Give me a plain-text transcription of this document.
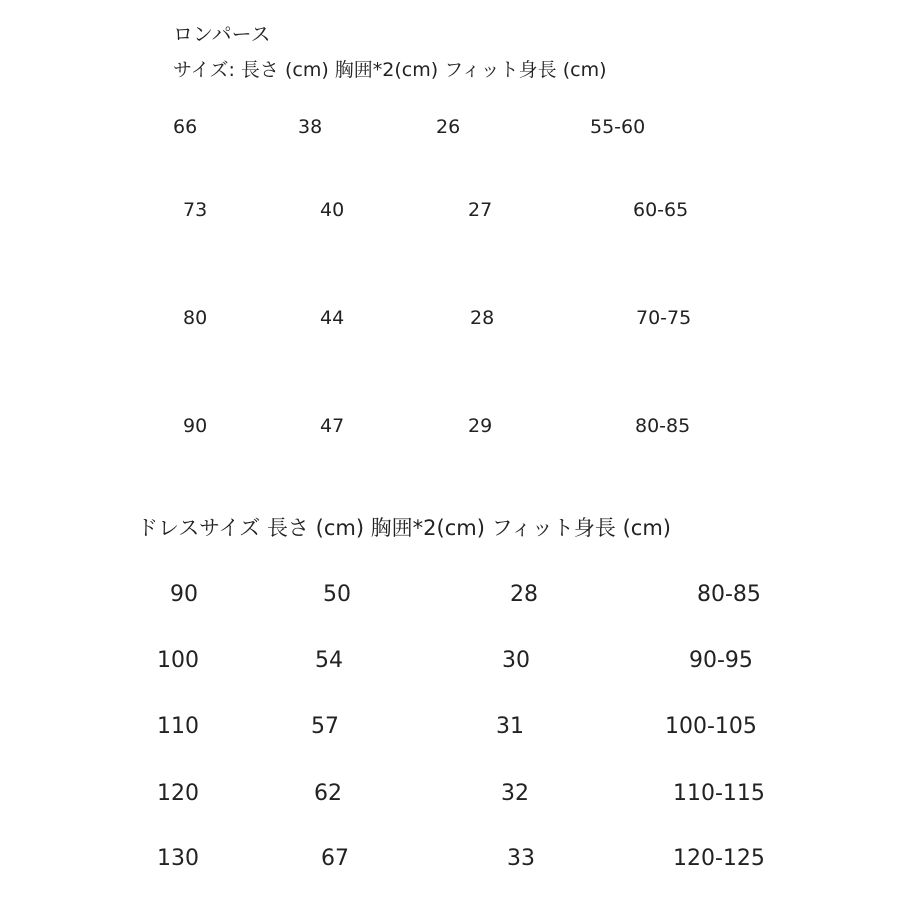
ロンパース
サイズ: 長さ (cm) 胸囲*2(cm) フィット身長 (cm)
66	38	26	55-60
73	40	27	60-65
80	44	28	70-75
90	47	29	80-85
ドレスサイズ 長さ (cm) 胸囲*2(cm) フィット身長 (cm)
90	50	28	80-85
100	54	30	90-95
110	57	31	100-105
120	62	32	110-115
130	67	33	120-125
